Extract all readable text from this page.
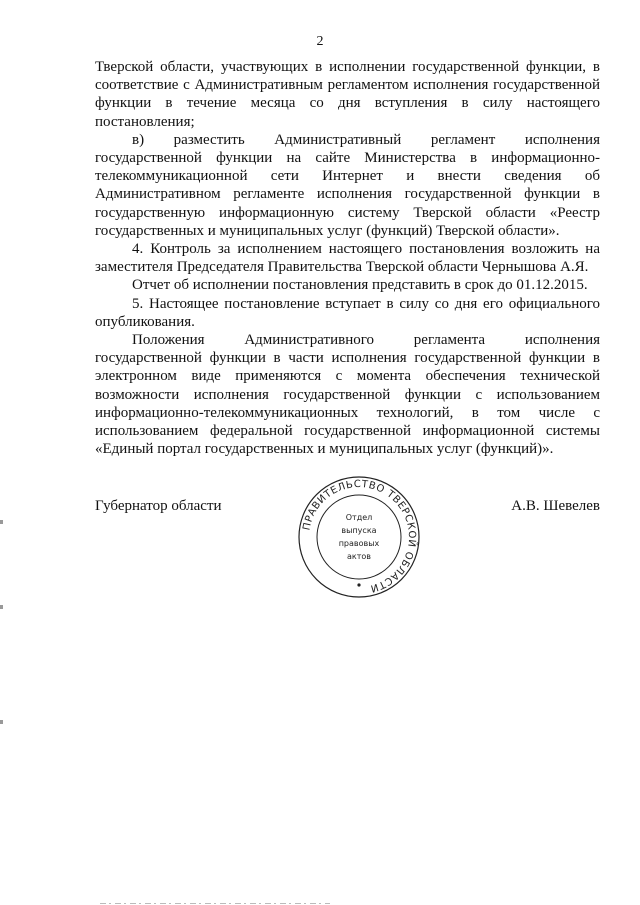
2

Тверской области, участвующих в исполнении государственной функции, в соответствие с Административным регламентом исполнения государственной функции в течение месяца со дня вступления в силу настоящего постановления;

в) разместить Административный регламент исполнения государственной функции на сайте Министерства в информационно-телекоммуникационной сети Интернет и внести сведения об Административном регламенте исполнения государственной функции в государственную информационную систему Тверской области «Реестр государственных и муниципальных услуг (функций) Тверской области».

4. Контроль за исполнением настоящего постановления возложить на заместителя Председателя Правительства Тверской области Чернышова А.Я.

Отчет об исполнении постановления представить в срок до 01.12.2015.

5. Настоящее постановление вступает в силу со дня его официального опубликования.

Положения Административного регламента исполнения государственной функции в части исполнения государственной функции в электронном виде применяются с момента обеспечения технической возможности исполнения государственной функции с использованием информационно-телекоммуникационных технологий, в том числе с использованием федеральной государственной информационной системы «Единый портал государственных и муниципальных услуг (функций)».

Губернатор области	А.В. Шевелев
ПРАВИТЕЛЬСТВО ТВЕРСКОЙ ОБЛАСТИ
Отдел
выпуска
правовых
актов
